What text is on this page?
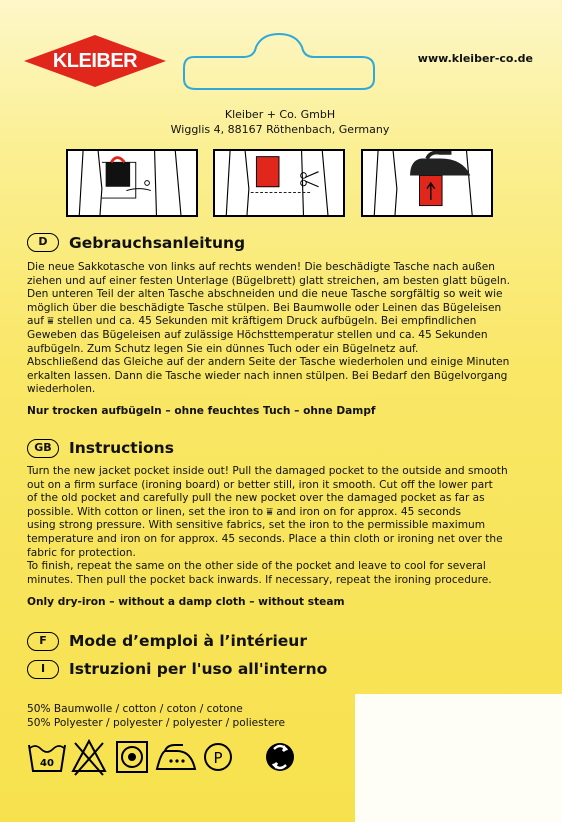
KLEIBER	www.kleiber-co.de
Kleiber + Co. GmbH
Wigglis 4, 88167 Röthenbach, Germany
D	Gebrauchsanleitung

Die neue Sakkotasche von links auf rechts wenden! Die beschädigte Tasche nach außen

ziehen und auf einer festen Unterlage (Bügelbrett) glatt streichen, am besten glatt bügeln.

Den unteren Teil der alten Tasche abschneiden und die neue Tasche sorgfältig so weit wie

möglich über die beschädigte Tasche stülpen. Bei Baumwolle oder Leinen das Bügeleisen

auf ⩸ stellen und ca. 45 Sekunden mit kräftigem Druck aufbügeln. Bei empfindlichen

Geweben das Bügeleisen auf zulässige Höchsttemperatur stellen und ca. 45 Sekunden

aufbügeln. Zum Schutz legen Sie ein dünnes Tuch oder ein Bügelnetz auf.

Abschließend das Gleiche auf der andern Seite der Tasche wiederholen und einige Minuten

erkalten lassen. Dann die Tasche wieder nach innen stülpen. Bei Bedarf den Bügelvorgang

wiederholen.

Nur trocken aufbügeln – ohne feuchtes Tuch – ohne Dampf
GB	Instructions

Turn the new jacket pocket inside out! Pull the damaged pocket to the outside and smooth

out on a firm surface (ironing board) or better still, iron it smooth. Cut off the lower part

of the old pocket and carefully pull the new pocket over the damaged pocket as far as

possible. With cotton or linen, set the iron to ⩸ and iron on for approx. 45 seconds

using strong pressure. With sensitive fabrics, set the iron to the permissible maximum

temperature and iron on for approx. 45 seconds. Place a thin cloth or ironing net over the

fabric for protection.

To finish, repeat the same on the other side of the pocket and leave to cool for several

minutes. Then pull the pocket back inwards. If necessary, repeat the ironing procedure.

Only dry-iron – without a damp cloth – without steam
F	Mode d’emploi à l’intérieur
I	Istruzioni per l'uso all'interno
50% Baumwolle / cotton / coton / cotone
50% Polyester / polyester / polyester / poliestere
40	P
